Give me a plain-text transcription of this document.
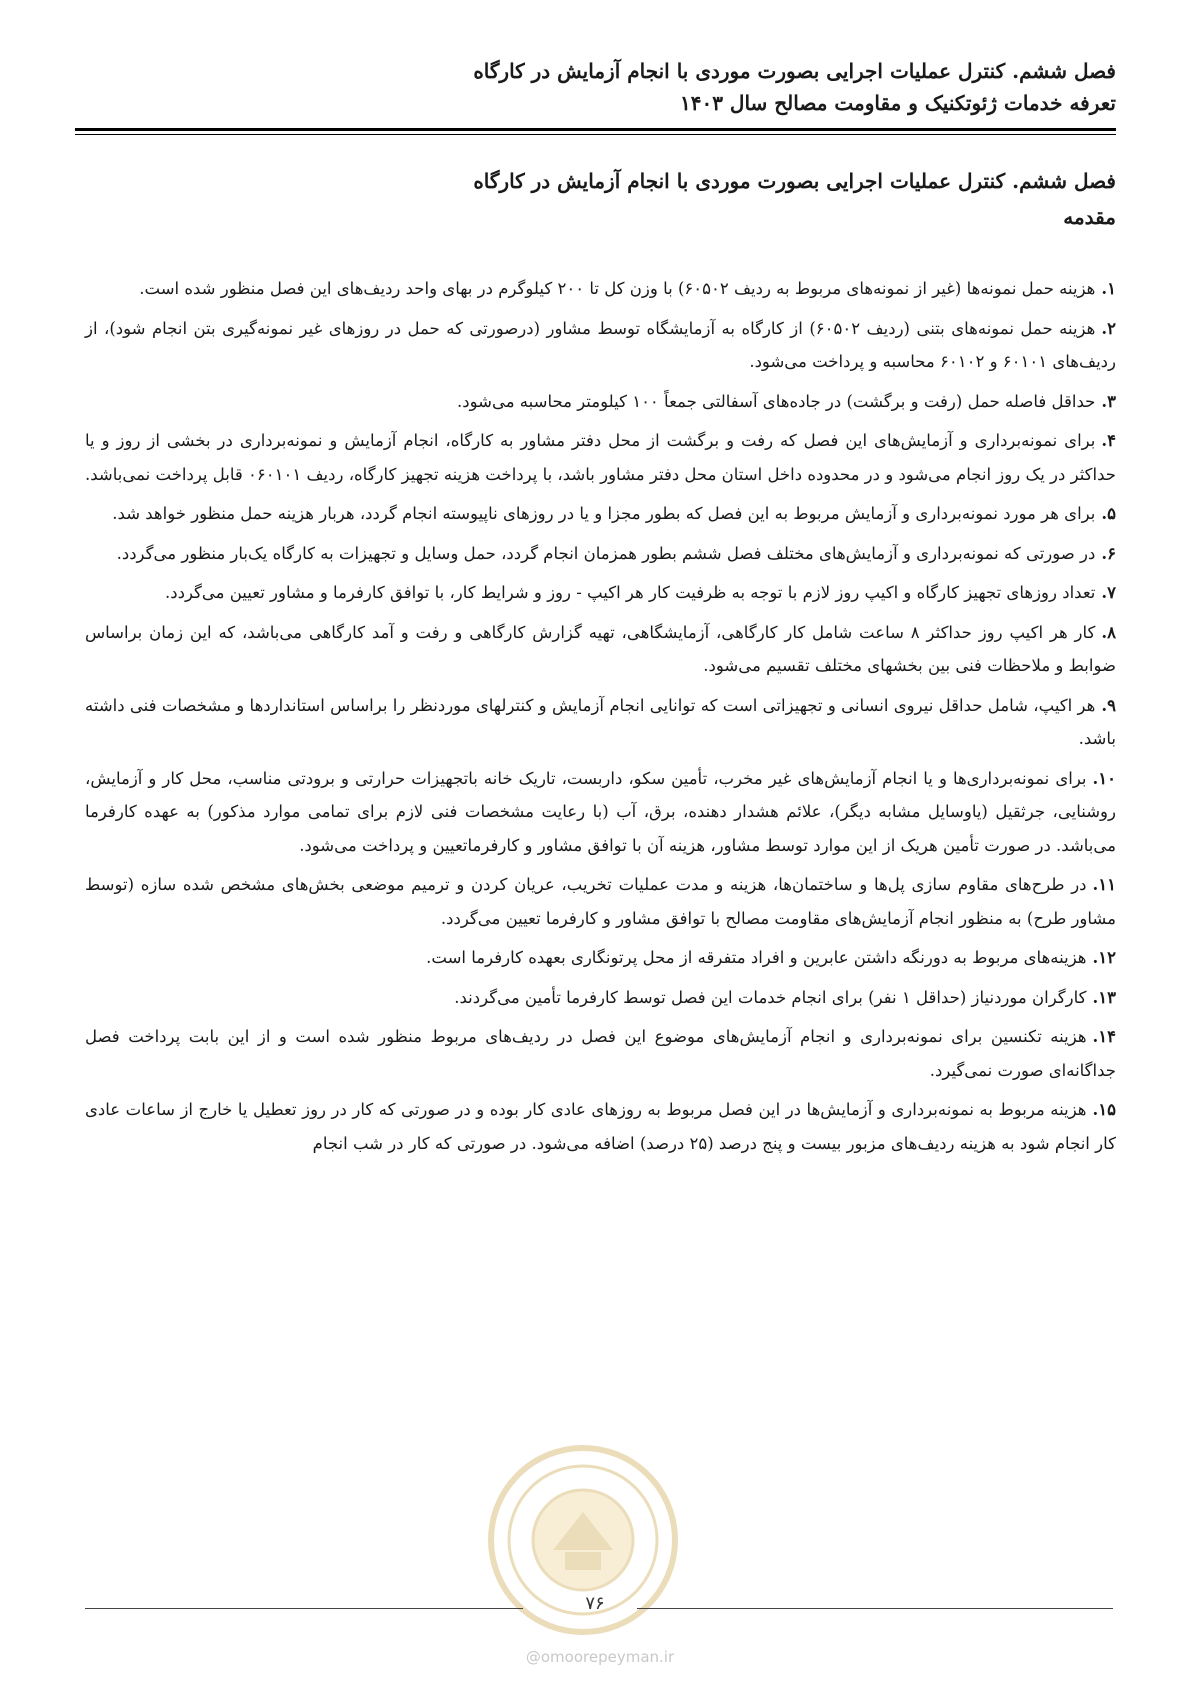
فصل ششم. کنترل عملیات اجرایی بصورت موردی با انجام آزمایش در کارگاه
تعرفه خدمات ژئوتکنیک و مقاومت مصالح سال ۱۴۰۳
فصل ششم. کنترل عملیات اجرایی بصورت موردی با انجام آزمایش در کارگاه
مقدمه

۱.هزینه حمل نمونه‌ها (غیر از نمونه‌های مربوط به ردیف ۶۰۵۰۲) با وزن کل تا ۲۰۰ کیلوگرم در بهای واحد ردیف‌های این فصل منظور شده است.

۲.هزینه حمل نمونه‌های بتنی (ردیف ۶۰۵۰۲) از کارگاه به آزمایشگاه توسط مشاور (درصورتی که حمل در روزهای غیر نمونه‌گیری بتن انجام شود)، از ردیف‌های ۶۰۱۰۱ و ۶۰۱۰۲ محاسبه و پرداخت می‌شود.

۳.حداقل فاصله حمل (رفت و برگشت) در جاده‌های آسفالتی جمعاً ۱۰۰ کیلومتر محاسبه می‌شود.

۴.برای نمونه‌برداری و آزمایش‌های این فصل که رفت و برگشت از محل دفتر مشاور به کارگاه، انجام آزمایش و نمونه‌برداری در بخشی از روز و یا حداکثر در یک روز انجام می‌شود و در محدوده داخل استان محل دفتر مشاور باشد، با پرداخت هزینه تجهیز کارگاه، ردیف ۰۶۰۱۰۱ قابل پرداخت نمی‌باشد.

۵.برای هر مورد نمونه‌برداری و آزمایش مربوط به این فصل که بطور مجزا و یا در روزهای ناپیوسته انجام گردد، هربار هزینه حمل منظور خواهد شد.

۶.در صورتی که نمونه‌برداری و آزمایش‌های مختلف فصل ششم بطور همزمان انجام گردد، حمل وسایل و تجهیزات به کارگاه یک‌بار منظور می‌گردد.

۷.تعداد روزهای تجهیز کارگاه و اکیپ روز لازم با توجه به ظرفیت کار هر اکیپ - روز و شرایط کار، با توافق کارفرما و مشاور تعیین می‌گردد.

۸.کار هر اکیپ روز حداکثر ۸ ساعت شامل کار کارگاهی، آزمایشگاهی، تهیه گزارش کارگاهی و رفت و آمد کارگاهی می‌باشد، که این زمان براساس ضوابط و ملاحظات فنی بین بخشهای مختلف تقسیم می‌شود.

۹.هر اکیپ، شامل حداقل نیروی انسانی و تجهیزاتی است که توانایی انجام آزمایش و کنترلهای موردنظر را براساس استانداردها و مشخصات فنی داشته باشد.

۱۰.برای نمونه‌برداری‌ها و یا انجام آزمایش‌های غیر مخرب، تأمین سکو، داربست، تاریک خانه باتجهیزات حرارتی و برودتی مناسب، محل کار و آزمایش، روشنایی، جرثقیل (یاوسایل مشابه دیگر)، علائم هشدار دهنده، برق، آب (با رعایت مشخصات فنی لازم برای تمامی موارد مذکور) به عهده کارفرما می‌باشد. در صورت تأمین هریک از این موارد توسط مشاور، هزینه آن با توافق مشاور و کارفرماتعیین و پرداخت می‌شود.

۱۱.در طرح‌های مقاوم سازی پل‌ها و ساختمان‌ها، هزینه و مدت عملیات تخریب، عریان کردن و ترمیم موضعی بخش‌های مشخص شده سازه (توسط مشاور طرح) به منظور انجام آزمایش‌های مقاومت مصالح با توافق مشاور و کارفرما تعیین می‌گردد.

۱۲.هزینه‌های مربوط به دورنگه داشتن عابرین و افراد متفرقه از محل پرتونگاری بعهده کارفرما است.

۱۳.کارگران موردنیاز (حداقل ۱ نفر) برای انجام خدمات این فصل توسط کارفرما تأمین می‌گردند.

۱۴.هزینه تکنسین برای نمونه‌برداری و انجام آزمایش‌های موضوع این فصل در ردیف‌های مربوط منظور شده است و از این بابت پرداخت فصل جداگانه‌ای صورت نمی‌گیرد.

۱۵.هزینه مربوط به نمونه‌برداری و آزمایش‌ها در این فصل مربوط به روزهای عادی کار بوده و در صورتی که کار در روز تعطیل یا خارج از ساعات عادی کار انجام شود به هزینه ردیف‌های مزبور بیست و پنج درصد (۲۵ درصد) اضافه می‌شود. در صورتی که کار در شب انجام

۷۶
@omoorepeyman.ir
